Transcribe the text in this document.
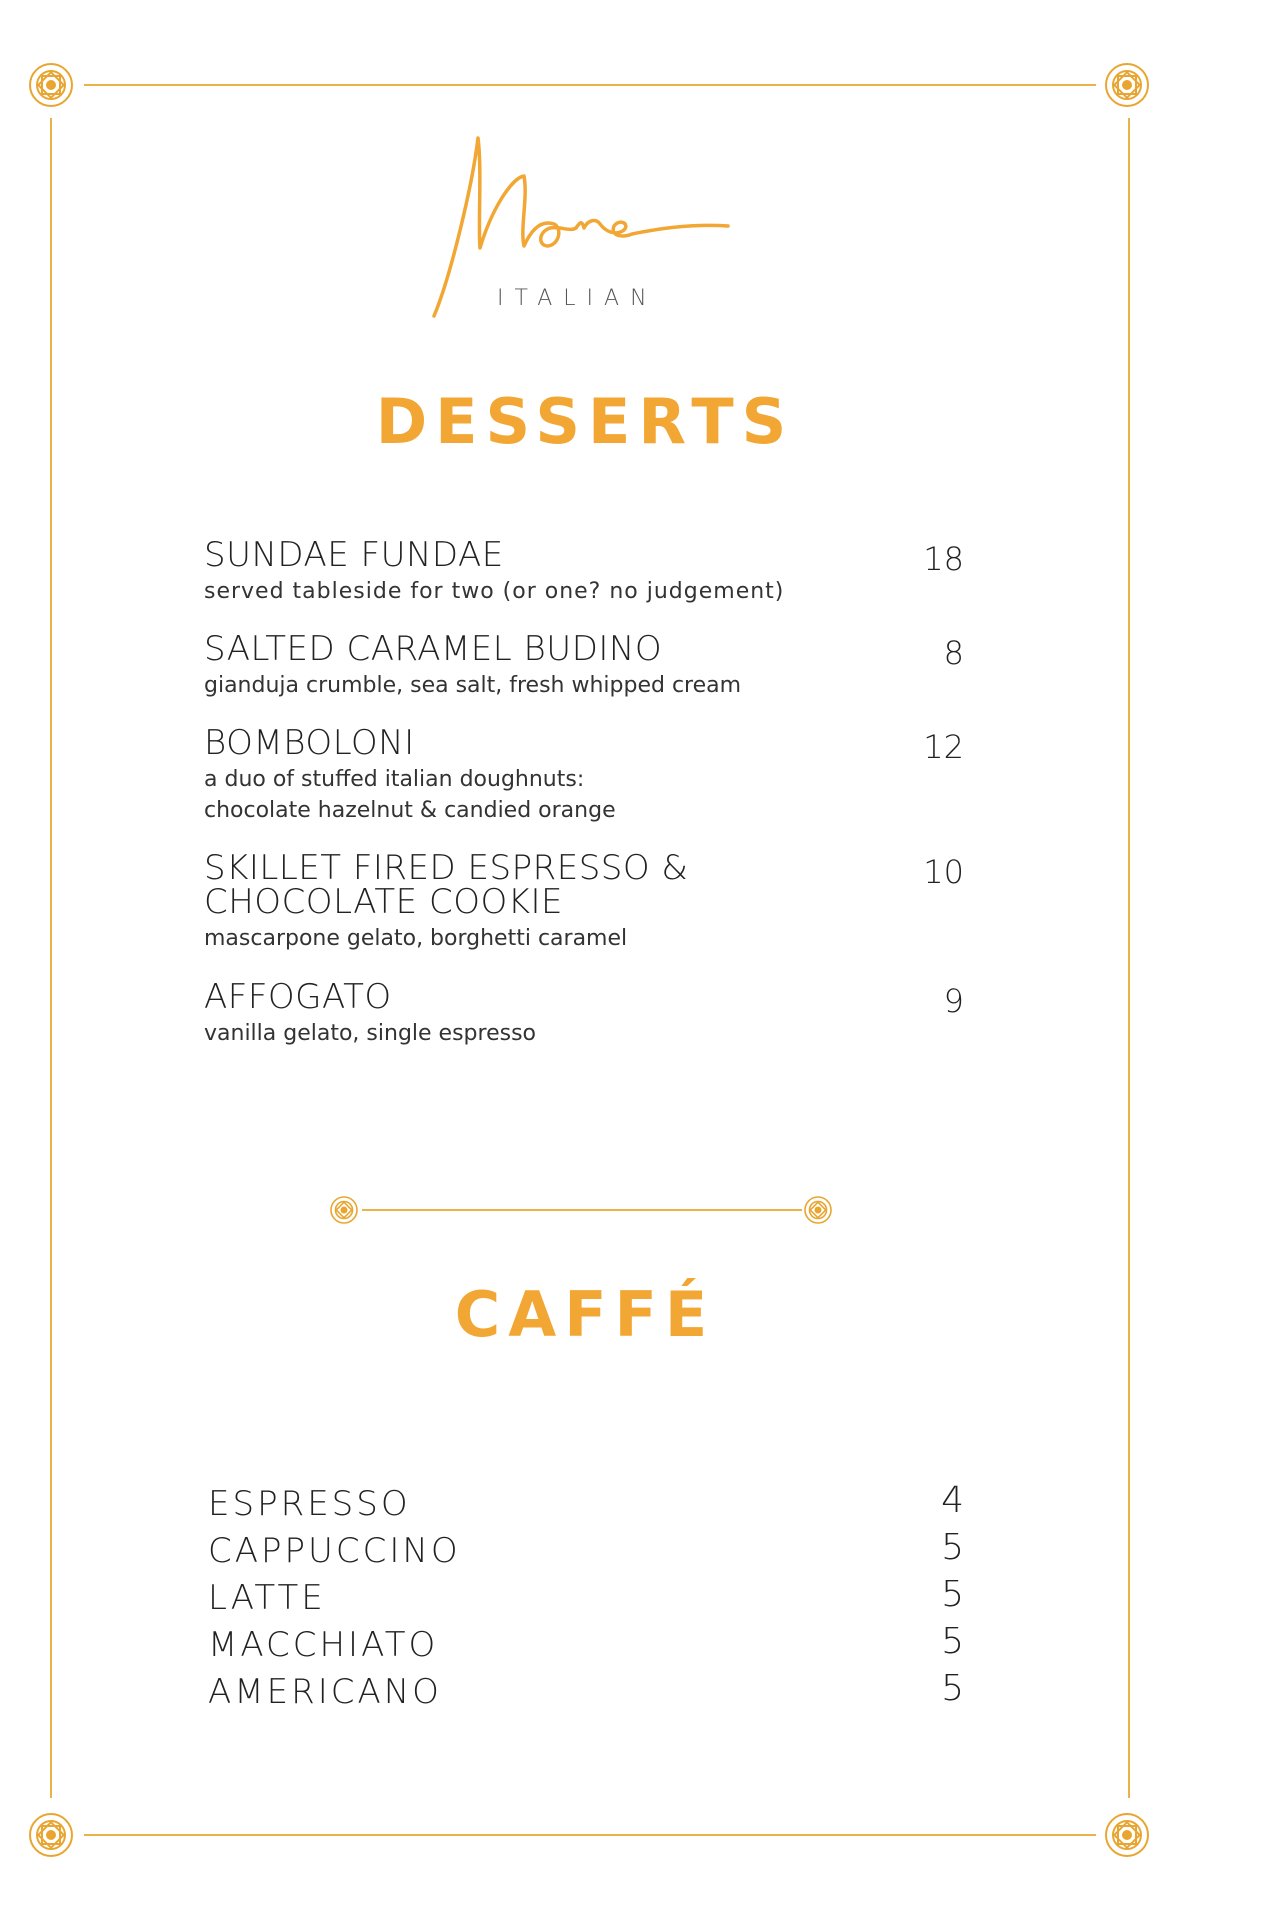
ITALIAN
DESSERTS
SUNDAE FUNDAE
served tableside for two (or one? no judgement)
18
SALTED CARAMEL BUDINO
gianduja crumble, sea salt, fresh whipped cream
8
BOMBOLONI
a duo of stuffed italian doughnuts:
chocolate hazelnut & candied orange
12
SKILLET FIRED ESPRESSO &
CHOCOLATE COOKIE
mascarpone gelato, borghetti caramel
10
AFFOGATO
vanilla gelato, single espresso
9
CAFFÉ
ESPRESSO	4
CAPPUCCINO	5
LATTE	5
MACCHIATO	5
AMERICANO	5
